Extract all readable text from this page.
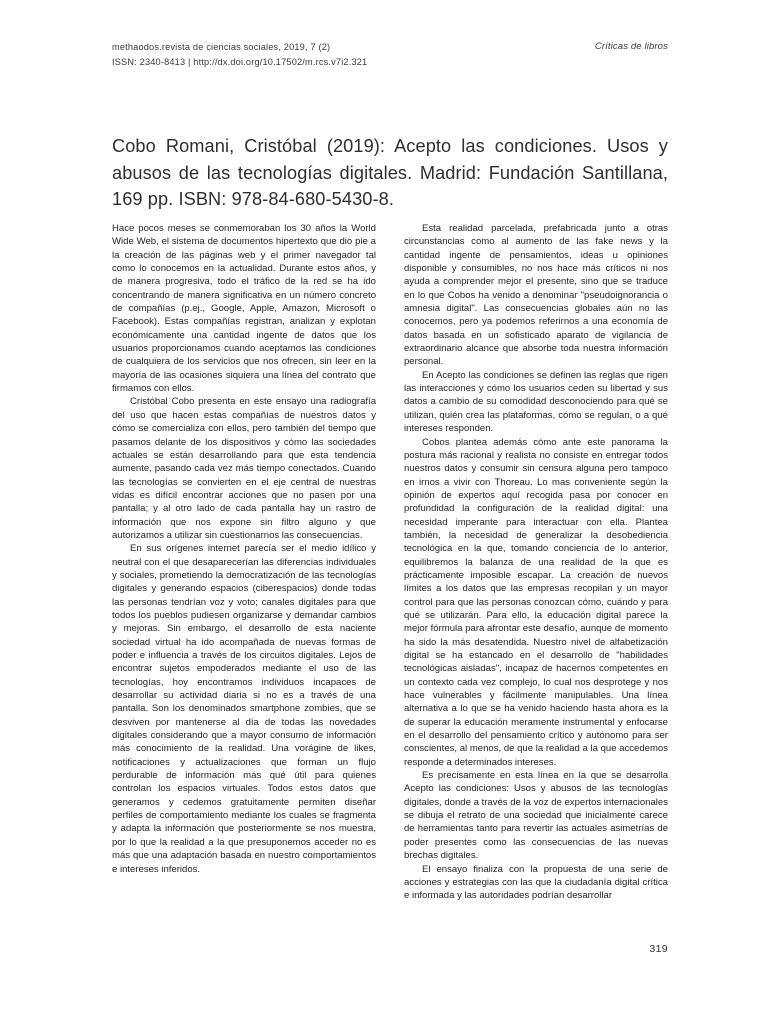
methaodos.revista de ciencias sociales, 2019, 7 (2)
ISSN: 2340-8413 | http://dx.doi.org/10.17502/m.rcs.v7i2.321
Críticas de libros
Cobo Romani, Cristóbal (2019): Acepto las condiciones. Usos y abusos de las tecnologías digitales. Madrid: Fundación Santillana, 169 pp. ISBN: 978-84-680-5430-8.

Hace pocos meses se conmemoraban los 30 años la World Wide Web, el sistema de documentos hipertexto que dio pie a la creación de las páginas web y el primer navegador tal como lo conocemos en la actualidad. Durante estos años, y de manera progresiva, todo el tráfico de la red se ha ido concentrando de manera significativa en un número concreto de compañías (p.ej., Google, Apple, Amazon, Microsoft o Facebook). Estas compañías registran, analizan y explotan económicamente una cantidad ingente de datos que los usuarios proporcionamos cuando aceptamos las condiciones de cualquiera de los servicios que nos ofrecen, sin leer en la mayoría de las ocasiones siquiera una línea del contrato que firmamos con ellos.

Cristóbal Cobo presenta en este ensayo una radiografía del uso que hacen estas compañías de nuestros datos y cómo se comercializa con ellos, pero también del tiempo que pasamos delante de los dispositivos y cómo las sociedades actuales se están desarrollando para que esta tendencia aumente, pasando cada vez más tiempo conectados. Cuando las tecnologías se convierten en el eje central de nuestras vidas es difícil encontrar acciones que no pasen por una pantalla; y al otro lado de cada pantalla hay un rastro de información que nos expone sin filtro alguno y que autorizamos a utilizar sin cuestionarnos las consecuencias.

En sus orígenes internet parecía ser el medio idílico y neutral con el que desaparecerían las diferencias individuales y sociales, prometiendo la democratización de las tecnologías digitales y generando espacios (ciberespacios) donde todas las personas tendrían voz y voto; canales digitales para que todos los pueblos pudiesen organizarse y demandar cambios y mejoras. Sin embargo, el desarrollo de esta naciente sociedad virtual ha ido acompañada de nuevas formas de poder e influencia a través de los circuitos digitales. Lejos de encontrar sujetos empoderados mediante el uso de las tecnologías, hoy encontramos individuos incapaces de desarrollar su actividad diaria si no es a través de una pantalla. Son los denominados smartphone zombies, que se desviven por mantenerse al día de todas las novedades digitales considerando que a mayor consumo de información más conocimiento de la realidad. Una vorágine de likes, notificaciones y actualizaciones que forman un flujo perdurable de información más qué útil para quienes controlan los espacios virtuales. Todos estos datos que generamos y cedemos gratuitamente permiten diseñar perfiles de comportamiento mediante los cuales se fragmenta y adapta la información que posteriormente se nos muestra, por lo que la realidad a la que presuponemos acceder no es más que una adaptación basada en nuestro comportamientos e intereses inferidos.

Esta realidad parcelada, prefabricada junto a otras circunstancias como al aumento de las fake news y la cantidad ingente de pensamientos, ideas u opiniones disponible y consumibles, no nos hace más críticos ni nos ayuda a comprender mejor el presente, sino que se traduce en lo que Cobos ha venido a denominar "pseudoignorancia o amnesia digital". Las consecuencias globales aún no las conocemos, pero ya podemos referirnos a una economía de datos basada en un sofisticado aparato de vigilancia de extraordinario alcance que absorbe toda nuestra información personal.

En Acepto las condiciones se definen las reglas que rigen las interacciones y cómo los usuarios ceden su libertad y sus datos a cambio de su comodidad desconociendo para qué se utilizan, quién crea las plataformas, cómo se regulan, o a qué intereses responden.

Cobos plantea además cómo ante este panorama la postura más racional y realista no consiste en entregar todos nuestros datos y consumir sin censura alguna pero tampoco en irnos a vivir con Thoreau. Lo mas conveniente según la opinión de expertos aquí recogida pasa por conocer en profundidad la configuración de la realidad digital: una necesidad imperante para interactuar con ella. Plantea también, la necesidad de generalizar la desobediencia tecnológica en la que, tomando conciencia de lo anterior, equilibremos la balanza de una realidad de la que es prácticamente imposible escapar. La creación de nuevos límites a los datos que las empresas recopilan y un mayor control para que las personas conozcan cómo, cuándo y para qué se utilizarán. Para ello, la educación digital parece la mejor fórmula para afrontar este desafío, aunque de momento ha sido la más desatendida. Nuestro nivel de alfabetización digital se ha estancado en el desarrollo de "habilidades tecnológicas aisladas", incapaz de hacernos competentes en un contexto cada vez complejo, lo cual nos desprotege y nos hace vulnerables y fácilmente manipulables. Una línea alternativa a lo que se ha venido haciendo hasta ahora es la de superar la educación meramente instrumental y enfocarse en el desarrollo del pensamiento crítico y autónomo para ser conscientes, al menos, de que la realidad a la que accedemos responde a determinados intereses.

Es precisamente en esta línea en la que se desarrolla Acepto las condiciones: Usos y abusos de las tecnologías digitales, donde a través de la voz de expertos internacionales se dibuja el retrato de una sociedad que inicialmente carece de herramientas tanto para revertir las actuales asimetrías de poder presentes como las consecuencias de las nuevas brechas digitales.

El ensayo finaliza con la propuesta de una serie de acciones y estrategias con las que la ciudadanía digital crítica e informada y las autoridades podrían desarrollar

319
